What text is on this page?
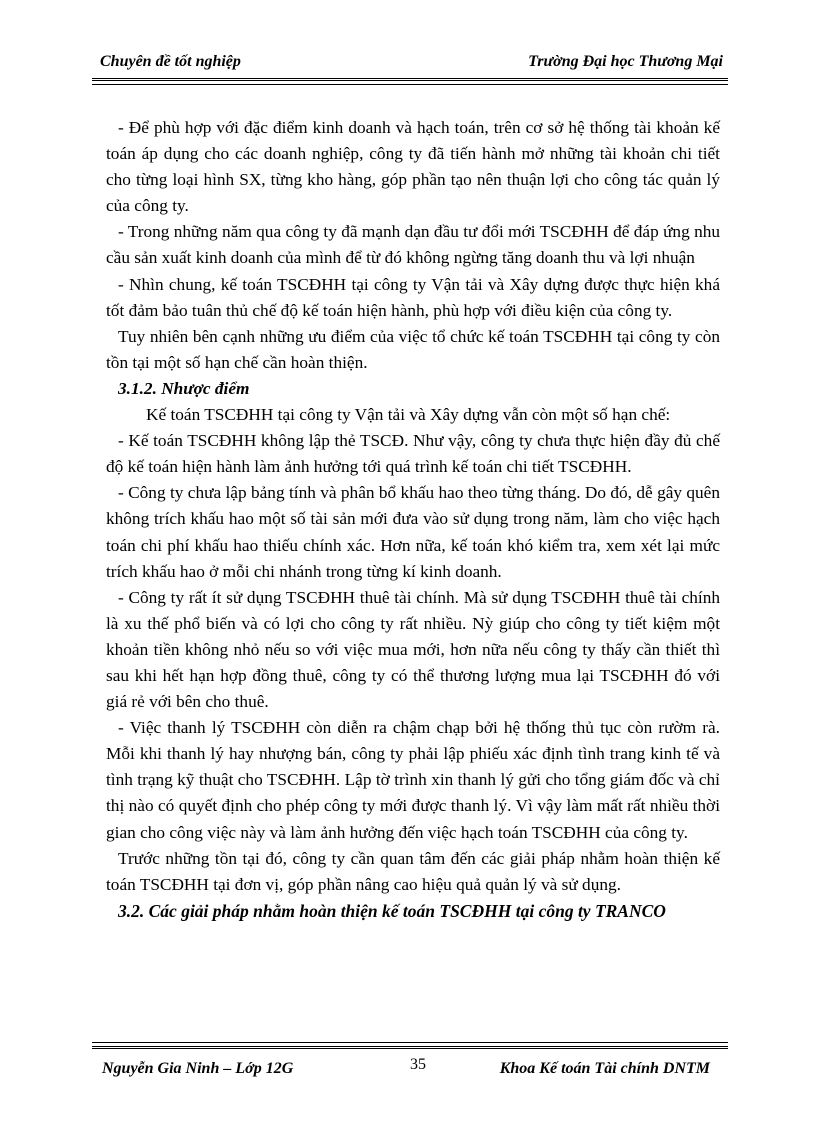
Chuyên đề tốt nghiệp	Trường Đại học Thương Mại

- Để phù hợp với đặc điểm kinh doanh và hạch toán, trên cơ sở hệ thống tài khoản kế toán áp dụng cho các doanh nghiệp, công ty đã tiến hành mở những tài khoản chi tiết cho từng loại hình SX, từng kho hàng, góp phần tạo nên thuận lợi cho công tác quản lý của công ty.

- Trong những năm qua công ty đã mạnh dạn đầu tư đổi mới TSCĐHH để đáp ứng nhu cầu sản xuất kinh doanh của mình để từ đó không ngừng tăng doanh thu và lợi nhuận

- Nhìn chung, kế toán TSCĐHH tại công ty Vận tải và Xây dựng được thực hiện khá tốt đảm bảo tuân thủ chế độ kế toán hiện hành, phù hợp với điều kiện của công ty.

Tuy nhiên bên cạnh những ưu điểm của việc tổ chức kế toán TSCĐHH tại công ty còn tồn tại một số hạn chế cần hoàn thiện.

3.1.2. Nhược điểm

Kế toán TSCĐHH tại công ty Vận tải và Xây dựng vẫn còn một số hạn chế:

- Kế toán TSCĐHH không lập thẻ TSCĐ. Như vậy, công ty chưa thực hiện đầy đủ chế độ kế toán hiện hành làm ảnh hưởng tới quá trình kế toán chi tiết TSCĐHH.

- Công ty chưa lập bảng tính và phân bổ khấu hao theo từng tháng. Do đó, dễ gây quên không trích khấu hao một số tài sản mới đưa vào sử dụng trong năm, làm cho việc hạch toán chi phí khấu hao thiếu chính xác. Hơn nữa, kế toán khó kiểm tra, xem xét lại mức trích khấu hao ở mỗi chi nhánh trong từng kí kinh doanh.

- Công ty rất ít sử dụng TSCĐHH thuê tài chính. Mà sử dụng TSCĐHH thuê tài chính là xu thế phổ biến và có lợi cho công ty rất nhiều. Nỳ giúp cho công ty tiết kiệm một khoản tiền không nhỏ nếu so với việc mua mới, hơn nữa nếu công ty thấy cần thiết thì sau khi hết hạn hợp đồng thuê, công ty có thể thương lượng mua lại TSCĐHH đó với giá rẻ với bên cho thuê.

- Việc thanh lý TSCĐHH còn diễn ra chậm chạp bởi hệ thống thủ tục còn rườm rà. Mỗi khi thanh lý hay nhượng bán, công ty phải lập phiếu xác định tình trang kinh tế và tình trạng kỹ thuật cho TSCĐHH. Lập tờ trình xin thanh lý gửi cho tổng giám đốc và chỉ thị nào có quyết định cho phép công ty mới được thanh lý. Vì vậy làm mất rất nhiều thời gian cho công việc này và làm ảnh hưởng đến việc hạch toán TSCĐHH của công ty.

Trước những tồn tại đó, công ty cần quan tâm đến các giải pháp nhằm hoàn thiện kế toán TSCĐHH tại đơn vị, góp phần nâng cao hiệu quả quản lý và sử dụng.

3.2. Các giải pháp nhằm hoàn thiện kế toán TSCĐHH tại công ty TRANCO

Nguyễn Gia Ninh – Lớp 12G	35	Khoa Kế toán Tài chính DNTM
